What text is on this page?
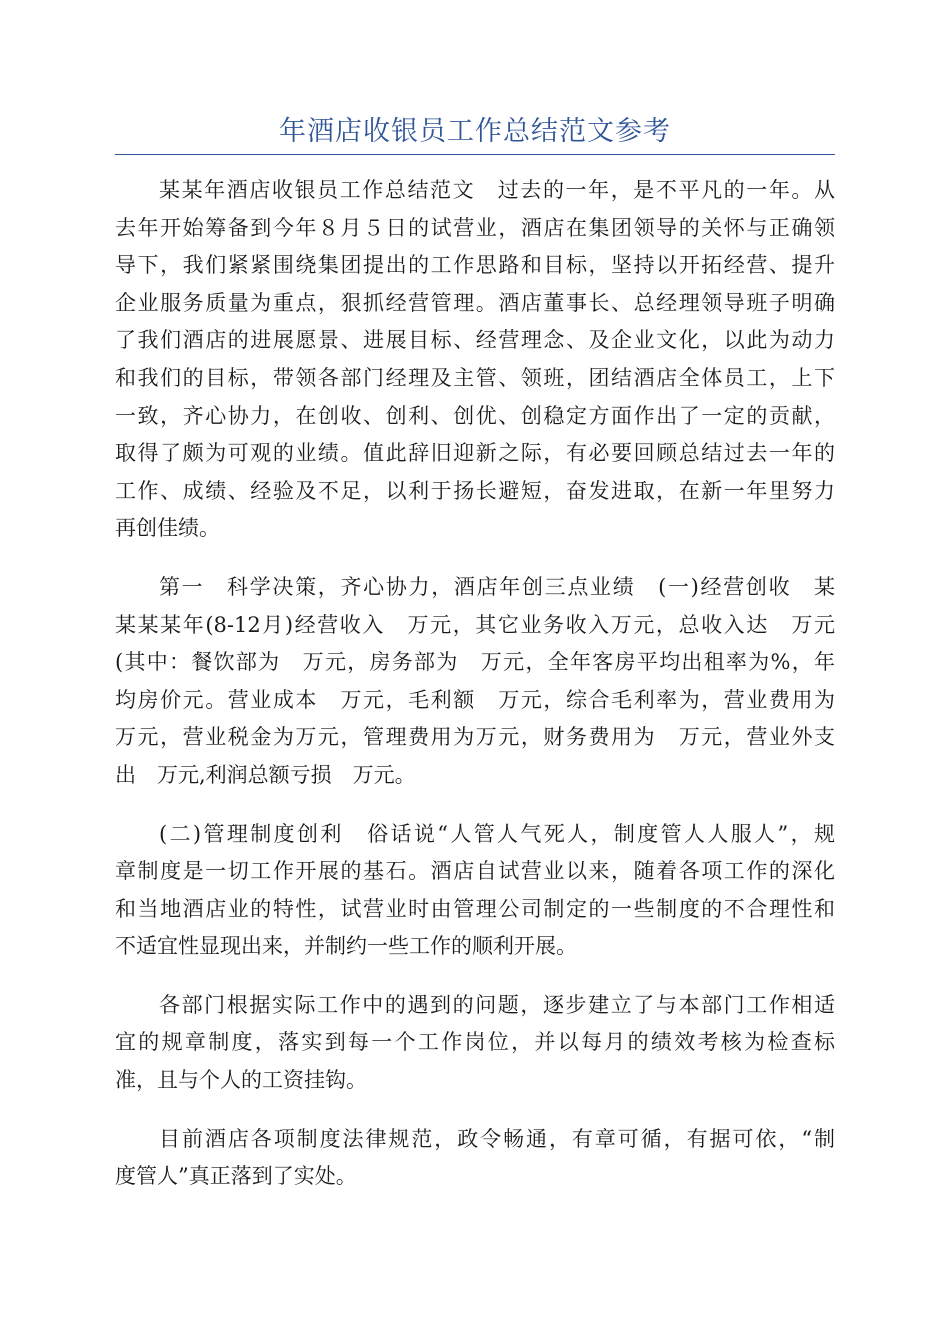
年酒店收银员工作总结范文参考

某某年酒店收银员工作总结范文　过去的一年，是不平凡的一年。从
去年开始筹备到今年８月５日的试营业，酒店在集团领导的关怀与正确领
导下，我们紧紧围绕集团提出的工作思路和目标，坚持以开拓经营、提升
企业服务质量为重点，狠抓经营管理。酒店董事长、总经理领导班子明确
了我们酒店的进展愿景、进展目标、经营理念、及企业文化，以此为动力
和我们的目标，带领各部门经理及主管、领班，团结酒店全体员工，上下
一致，齐心协力，在创收、创利、创优、创稳定方面作出了一定的贡献，
取得了颇为可观的业绩。值此辞旧迎新之际，有必要回顾总结过去一年的
工作、成绩、经验及不足，以利于扬长避短，奋发进取，在新一年里努力
再创佳绩。

第一　科学决策，齐心协力，酒店年创三点业绩　(一)经营创收　某
某某某年(8-12月)经营收入　万元，其它业务收入万元，总收入达　万元
(其中：餐饮部为　万元，房务部为　万元，全年客房平均出租率为%，年
均房价元。营业成本　万元，毛利额　万元，综合毛利率为，营业费用为
万元，营业税金为万元，管理费用为万元，财务费用为　万元，营业外支
出　万元,利润总额亏损　万元。

(二)管理制度创利　俗话说“人管人气死人，制度管人人服人”，规
章制度是一切工作开展的基石。酒店自试营业以来，随着各项工作的深化
和当地酒店业的特性，试营业时由管理公司制定的一些制度的不合理性和
不适宜性显现出来，并制约一些工作的顺利开展。

各部门根据实际工作中的遇到的问题，逐步建立了与本部门工作相适
宜的规章制度，落实到每一个工作岗位，并以每月的绩效考核为检查标
准，且与个人的工资挂钩。

目前酒店各项制度法律规范，政令畅通，有章可循，有据可依，“制
度管人”真正落到了实处。
